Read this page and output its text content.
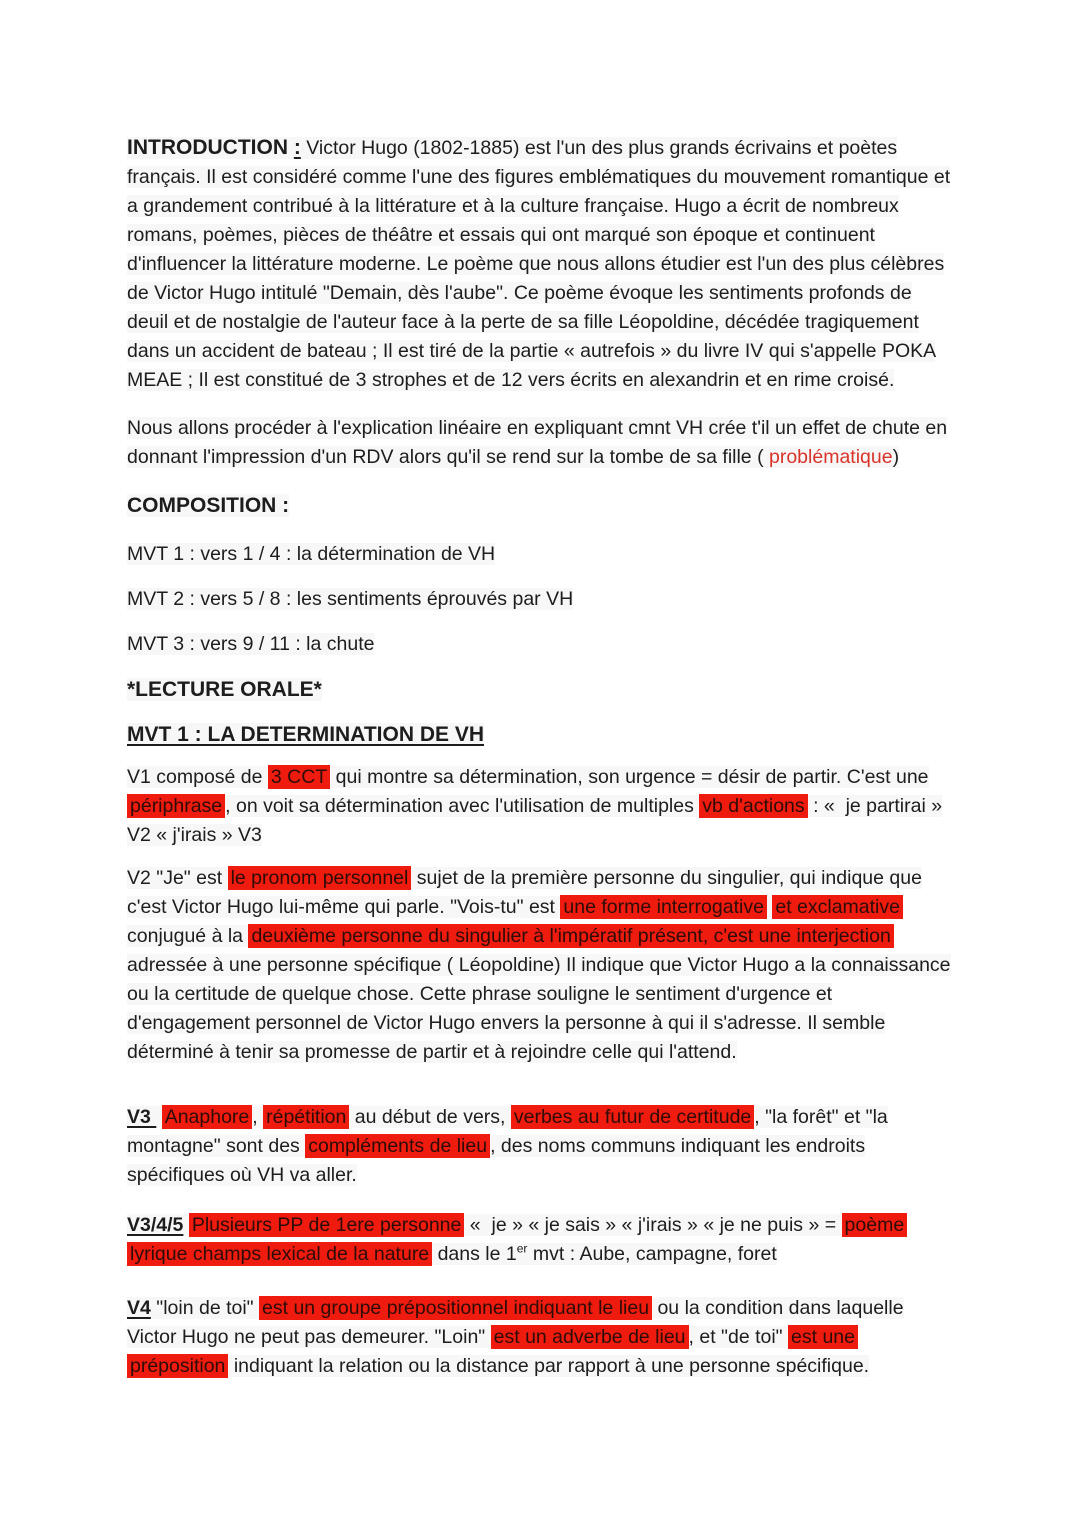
INTRODUCTION : Victor Hugo (1802-1885) est l'un des plus grands écrivains et poètes français. Il est considéré comme l'une des figures emblématiques du mouvement romantique et a grandement contribué à la littérature et à la culture française. Hugo a écrit de nombreux romans, poèmes, pièces de théâtre et essais qui ont marqué son époque et continuent d'influencer la littérature moderne. Le poème que nous allons étudier est l'un des plus célèbres de Victor Hugo intitulé "Demain, dès l'aube". Ce poème évoque les sentiments profonds de deuil et de nostalgie de l'auteur face à la perte de sa fille Léopoldine, décédée tragiquement dans un accident de bateau ; Il est tiré de la partie « autrefois » du livre IV qui s'appelle POKA MEAE ; Il est constitué de 3 strophes et de 12 vers écrits en alexandrin et en rime croisé.

Nous allons procéder à l'explication linéaire en expliquant cmnt VH crée t'il un effet de chute en donnant l'impression d'un RDV alors qu'il se rend sur la tombe de sa fille ( problématique)

COMPOSITION :

MVT 1 : vers 1 / 4 : la détermination de VH

MVT 2 : vers 5 / 8 : les sentiments éprouvés par VH

MVT 3 : vers 9 / 11 : la chute

*LECTURE ORALE*

MVT 1 : LA DETERMINATION DE VH

V1 composé de 3 CCT qui montre sa détermination, son urgence = désir de partir. C'est une périphrase , on voit sa détermination avec l'utilisation de multiples vb d'actions : «  je partirai » V2 « j'irais » V3

V2 "Je" est le pronom personnel sujet de la première personne du singulier, qui indique que c'est Victor Hugo lui-même qui parle. "Vois-tu" est une forme interrogative et exclamative conjugué à la deuxième personne du singulier à l'impératif présent, c'est une interjection adressée à une personne spécifique ( Léopoldine) Il indique que Victor Hugo a la connaissance ou la certitude de quelque chose. Cette phrase souligne le sentiment d'urgence et d'engagement personnel de Victor Hugo envers la personne à qui il s'adresse. Il semble déterminé à tenir sa promesse de partir et à rejoindre celle qui l'attend.

V3  Anaphore , répétition au début de vers, verbes au futur de certitude , "la forêt" et "la montagne" sont des compléments de lieu , des noms communs indiquant les endroits spécifiques où VH va aller.

V3/4/5 Plusieurs PP de 1ere personne «  je » « je sais » « j'irais » « je ne puis » = poème lyrique champs lexical de la nature dans le 1er mvt : Aube, campagne, foret

V4 "loin de toi" est un groupe prépositionnel indiquant le lieu ou la condition dans laquelle Victor Hugo ne peut pas demeurer. "Loin" est un adverbe de lieu , et "de toi" est une préposition indiquant la relation ou la distance par rapport à une personne spécifique.
